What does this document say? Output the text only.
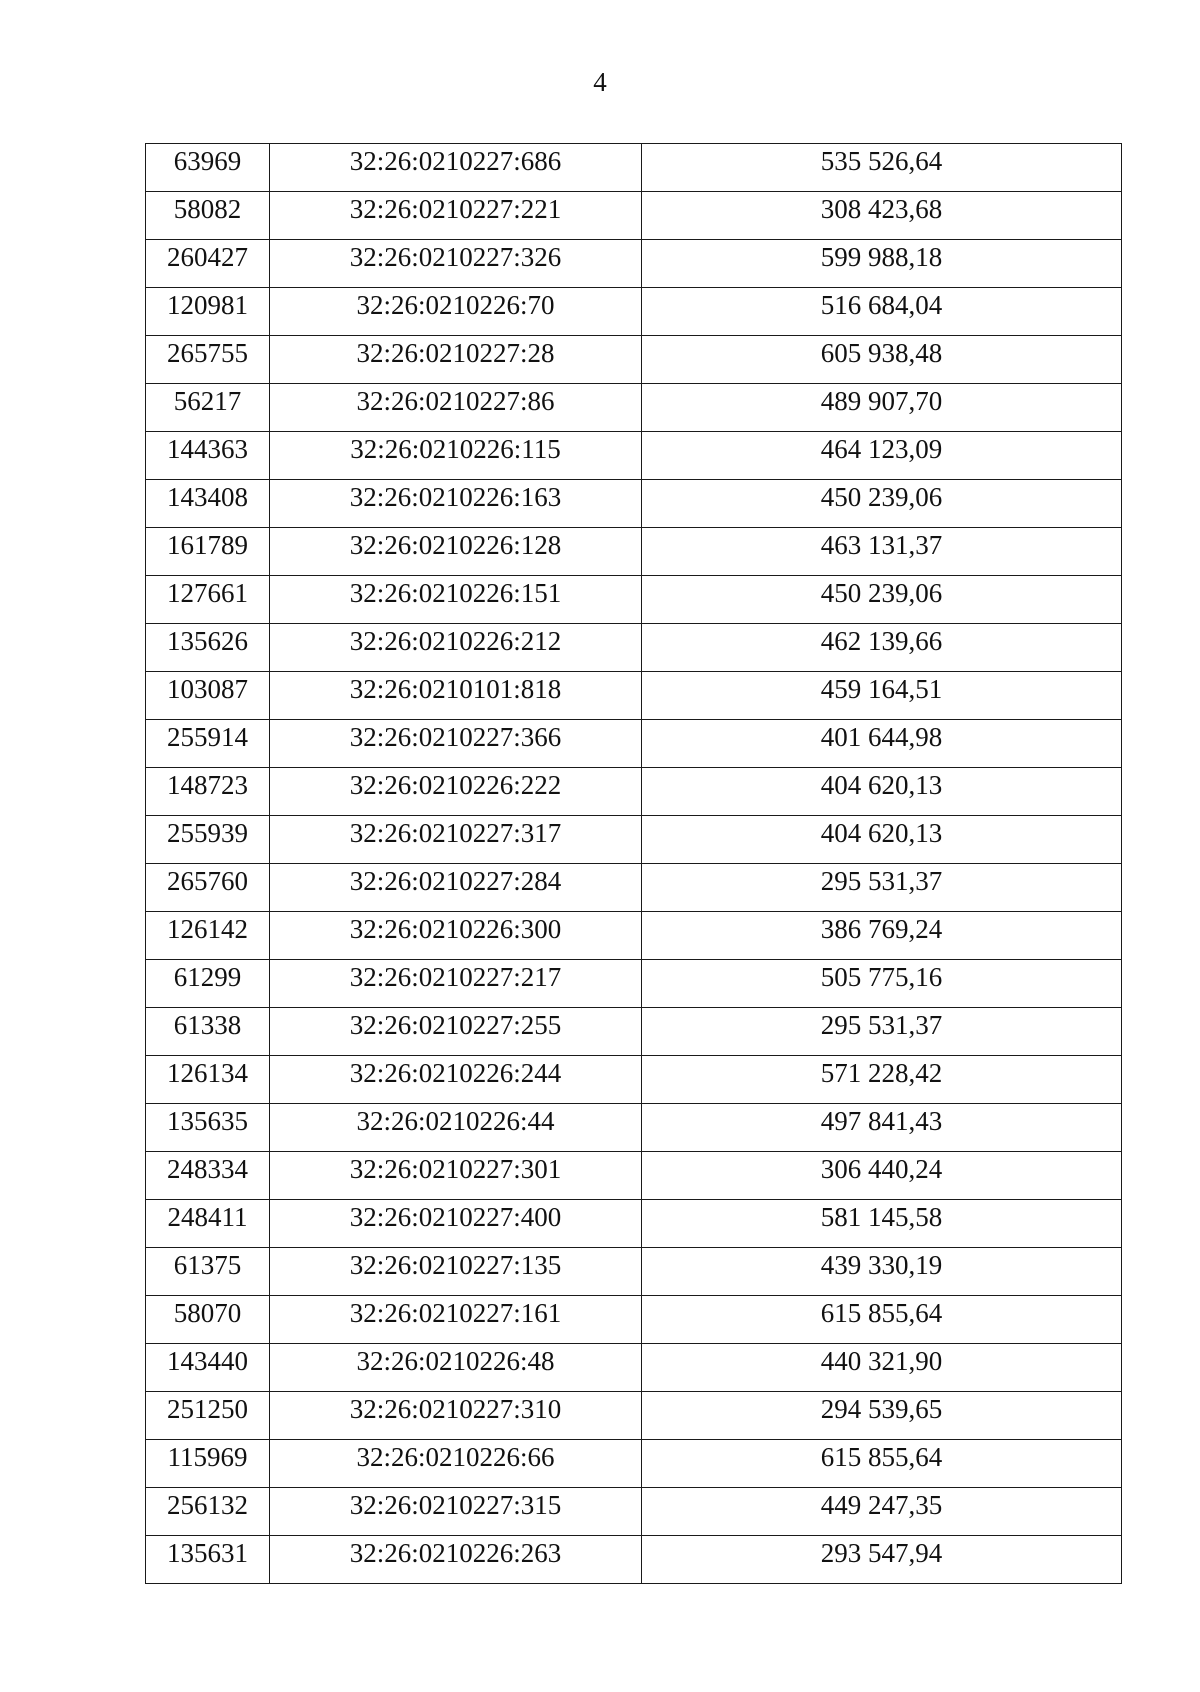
4
63969	32:26:0210227:686	535 526,64
58082	32:26:0210227:221	308 423,68
260427	32:26:0210227:326	599 988,18
120981	32:26:0210226:70	516 684,04
265755	32:26:0210227:28	605 938,48
56217	32:26:0210227:86	489 907,70
144363	32:26:0210226:115	464 123,09
143408	32:26:0210226:163	450 239,06
161789	32:26:0210226:128	463 131,37
127661	32:26:0210226:151	450 239,06
135626	32:26:0210226:212	462 139,66
103087	32:26:0210101:818	459 164,51
255914	32:26:0210227:366	401 644,98
148723	32:26:0210226:222	404 620,13
255939	32:26:0210227:317	404 620,13
265760	32:26:0210227:284	295 531,37
126142	32:26:0210226:300	386 769,24
61299	32:26:0210227:217	505 775,16
61338	32:26:0210227:255	295 531,37
126134	32:26:0210226:244	571 228,42
135635	32:26:0210226:44	497 841,43
248334	32:26:0210227:301	306 440,24
248411	32:26:0210227:400	581 145,58
61375	32:26:0210227:135	439 330,19
58070	32:26:0210227:161	615 855,64
143440	32:26:0210226:48	440 321,90
251250	32:26:0210227:310	294 539,65
115969	32:26:0210226:66	615 855,64
256132	32:26:0210227:315	449 247,35
135631	32:26:0210226:263	293 547,94
